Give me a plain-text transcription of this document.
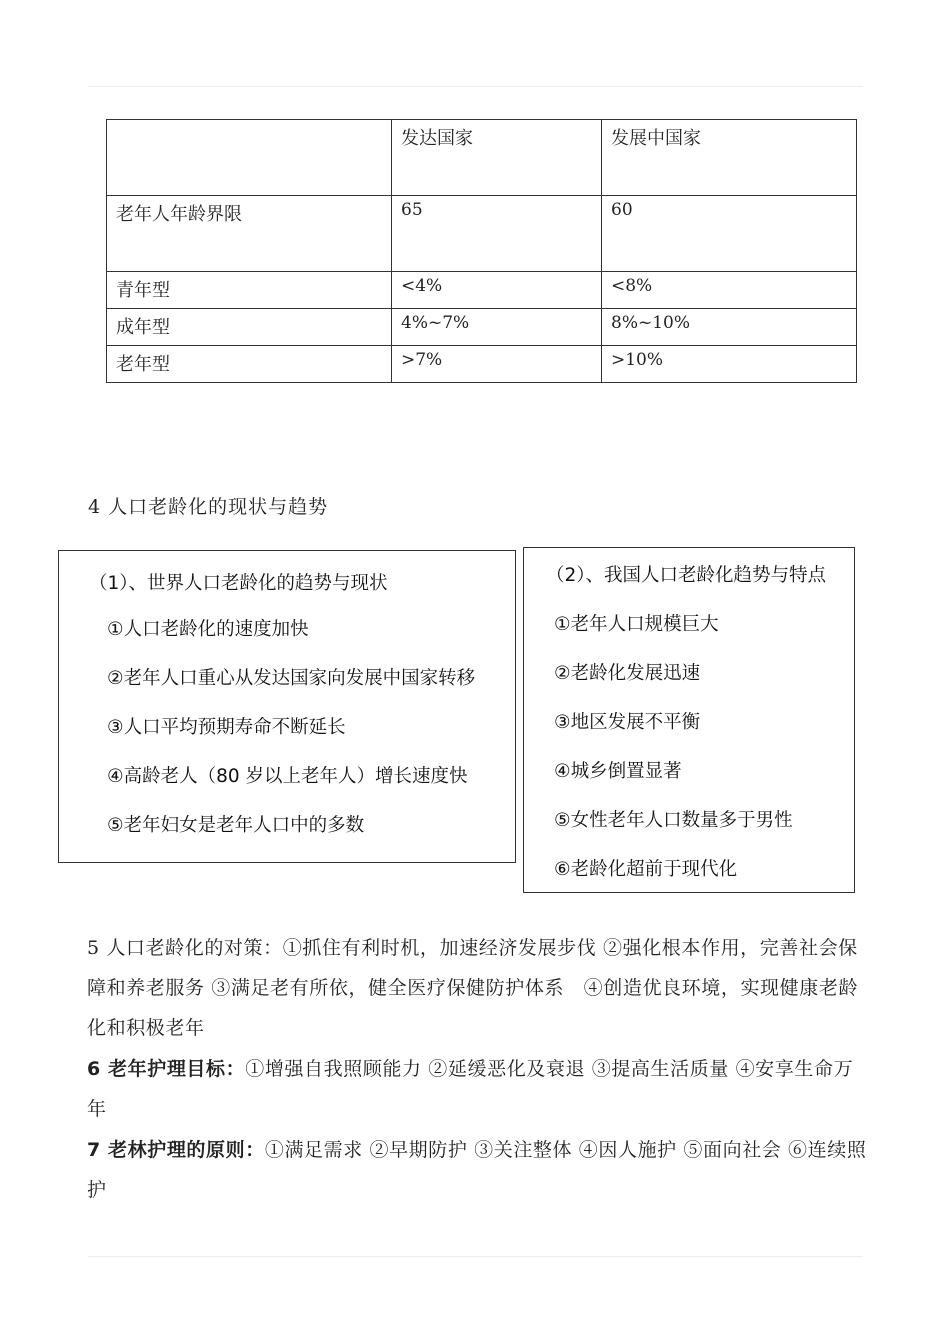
	发达国家	发展中国家
老年人年龄界限	65	60
青年型	<4%	<8%
成年型	4%~7%	8%~10%
老年型	>7%	>10%
4 人口老龄化的现状与趋势
（1）、世界人口老龄化的趋势与现状
①人口老龄化的速度加快
②老年人口重心从发达国家向发展中国家转移
③人口平均预期寿命不断延长
④高龄老人（80 岁以上老年人）增长速度快
⑤老年妇女是老年人口中的多数
（2）、我国人口老龄化趋势与特点
①老年人口规模巨大
②老龄化发展迅速
③地区发展不平衡
④城乡倒置显著
⑤女性老年人口数量多于男性
⑥老龄化超前于现代化
5 人口老龄化的对策：①抓住有利时机，加速经济发展步伐 ②强化根本作用，完善社会保障和养老服务 ③满足老有所依，健全医疗保健防护体系　④创造优良环境，实现健康老龄化和积极老年
6 老年护理目标：①增强自我照顾能力 ②延缓恶化及衰退 ③提高生活质量 ④安享生命万年
7 老林护理的原则：①满足需求 ②早期防护 ③关注整体 ④因人施护 ⑤面向社会 ⑥连续照护
